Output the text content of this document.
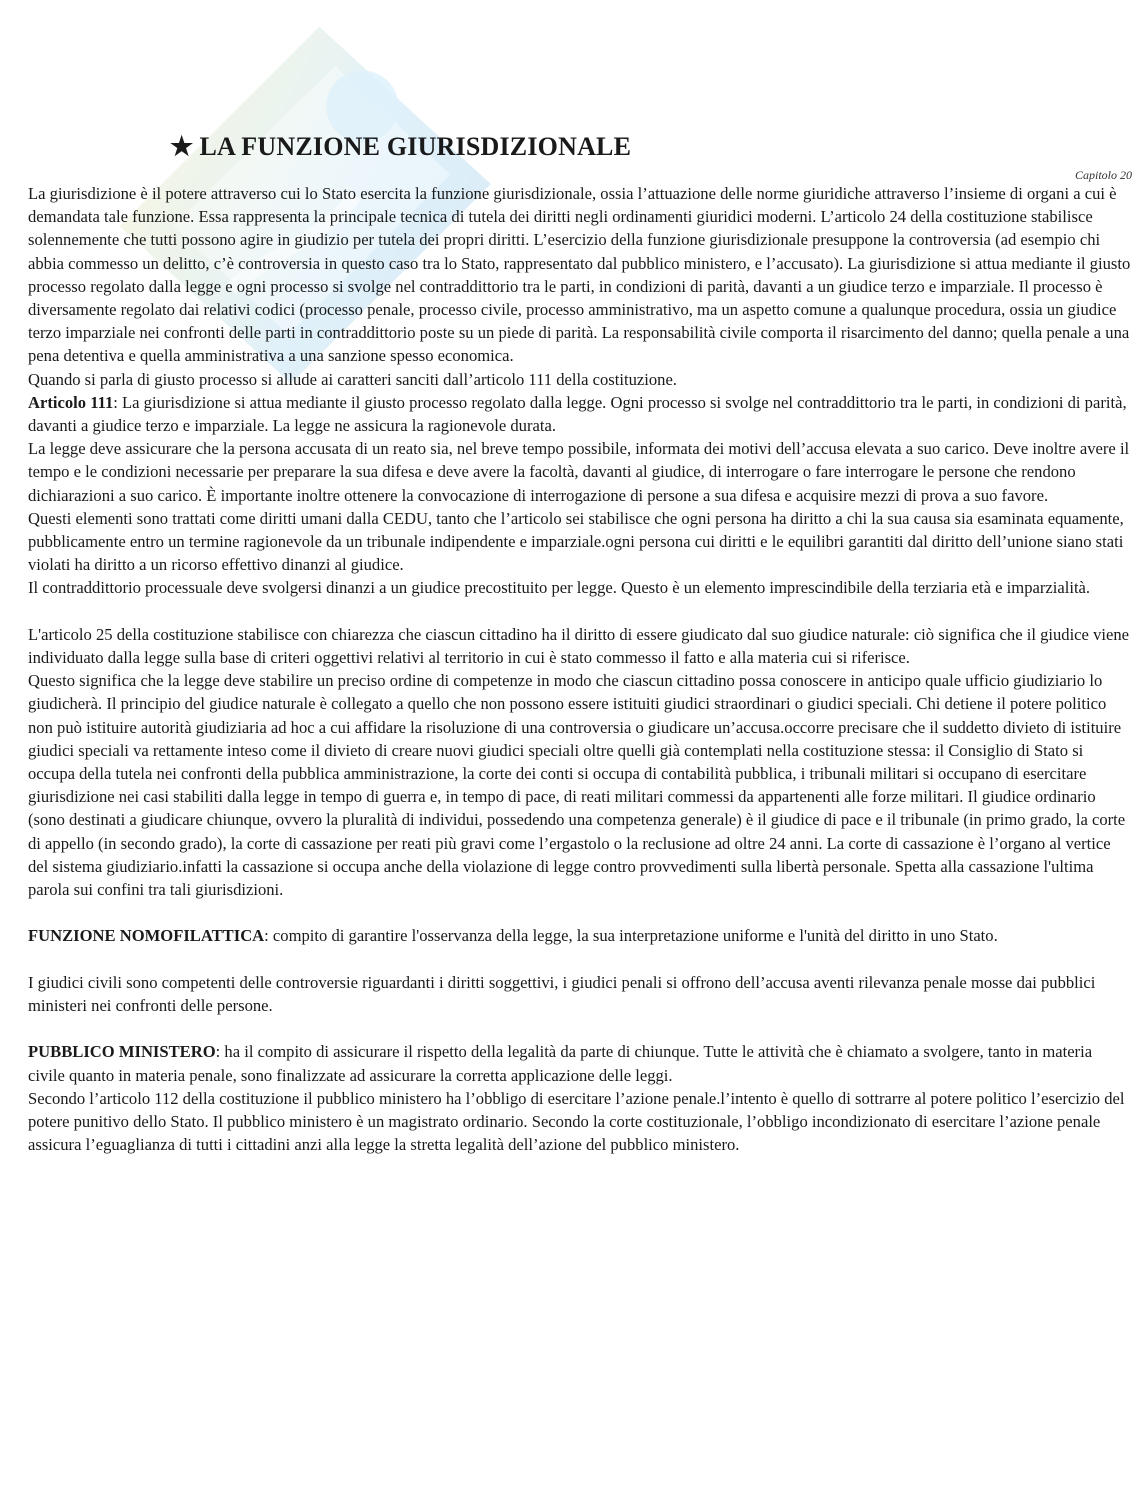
★ LA FUNZIONE GIURISDIZIONALE
Capitolo 20

La giurisdizione è il potere attraverso cui lo Stato esercita la funzione giurisdizionale, ossia l’attuazione delle norme giuridiche attraverso l’insieme di organi a cui è demandata tale funzione. Essa rappresenta la principale tecnica di tutela dei diritti negli ordinamenti giuridici moderni. L’articolo 24 della costituzione stabilisce solennemente che tutti possono agire in giudizio per tutela dei propri diritti. L’esercizio della funzione giurisdizionale presuppone la controversia (ad esempio chi abbia commesso un delitto, c’è controversia in questo caso tra lo Stato, rappresentato dal pubblico ministero, e l’accusato). La giurisdizione si attua mediante il giusto processo regolato dalla legge e ogni processo si svolge nel contraddittorio tra le parti, in condizioni di parità, davanti a un giudice terzo e imparziale. Il processo è diversamente regolato dai relativi codici (processo penale, processo civile, processo amministrativo, ma un aspetto comune a qualunque procedura, ossia un giudice terzo imparziale nei confronti delle parti in contraddittorio poste su un piede di parità. La responsabilità civile comporta il risarcimento del danno; quella penale a una pena detentiva e quella amministrativa a una sanzione spesso economica.

Quando si parla di giusto processo si allude ai caratteri sanciti dall’articolo 111 della costituzione.

Articolo 111: La giurisdizione si attua mediante il giusto processo regolato dalla legge. Ogni processo si svolge nel contraddittorio tra le parti, in condizioni di parità, davanti a giudice terzo e imparziale. La legge ne assicura la ragionevole durata.

La legge deve assicurare che la persona accusata di un reato sia, nel breve tempo possibile, informata dei motivi dell’accusa elevata a suo carico. Deve inoltre avere il tempo e le condizioni necessarie per preparare la sua difesa e deve avere la facoltà, davanti al giudice, di interrogare o fare interrogare le persone che rendono dichiarazioni a suo carico. È importante inoltre ottenere la convocazione di interrogazione di persone a sua difesa e acquisire mezzi di prova a suo favore.

Questi elementi sono trattati come diritti umani dalla CEDU, tanto che l’articolo sei stabilisce che ogni persona ha diritto a chi la sua causa sia esaminata equamente, pubblicamente entro un termine ragionevole da un tribunale indipendente e imparziale.ogni persona cui diritti e le equilibri garantiti dal diritto dell’unione siano stati violati ha diritto a un ricorso effettivo dinanzi al giudice.

Il contraddittorio processuale deve svolgersi dinanzi a un giudice precostituito per legge. Questo è un elemento imprescindibile della terziaria età e imparzialità.

L'articolo 25 della costituzione stabilisce con chiarezza che ciascun cittadino ha il diritto di essere giudicato dal suo giudice naturale: ciò significa che il giudice viene individuato dalla legge sulla base di criteri oggettivi relativi al territorio in cui è stato commesso il fatto e alla materia cui si riferisce.

Questo significa che la legge deve stabilire un preciso ordine di competenze in modo che ciascun cittadino possa conoscere in anticipo quale ufficio giudiziario lo giudicherà. Il principio del giudice naturale è collegato a quello che non possono essere istituiti giudici straordinari o giudici speciali. Chi detiene il potere politico non può istituire autorità giudiziaria ad hoc a cui affidare la risoluzione di una controversia o giudicare un’accusa.occorre precisare che il suddetto divieto di istituire giudici speciali va rettamente inteso come il divieto di creare nuovi giudici speciali oltre quelli già contemplati nella costituzione stessa: il Consiglio di Stato si occupa della tutela nei confronti della pubblica amministrazione, la corte dei conti si occupa di contabilità pubblica, i tribunali militari si occupano di esercitare giurisdizione nei casi stabiliti dalla legge in tempo di guerra e, in tempo di pace, di reati militari commessi da appartenenti alle forze militari. Il giudice ordinario (sono destinati a giudicare chiunque, ovvero la pluralità di individui, possedendo una competenza generale) è il giudice di pace e il tribunale (in primo grado, la corte di appello (in secondo grado), la corte di cassazione per reati più gravi come l’ergastolo o la reclusione ad oltre 24 anni. La corte di cassazione è l’organo al vertice del sistema giudiziario.infatti la cassazione si occupa anche della violazione di legge contro provvedimenti sulla libertà personale. Spetta alla cassazione l'ultima parola sui confini tra tali giurisdizioni.

FUNZIONE NOMOFILATTICA: compito di garantire l'osservanza della legge, la sua interpretazione uniforme e l'unità del diritto in uno Stato.

I giudici civili sono competenti delle controversie riguardanti i diritti soggettivi, i giudici penali si offrono dell’accusa aventi rilevanza penale mosse dai pubblici ministeri nei confronti delle persone.

PUBBLICO MINISTERO: ha il compito di assicurare il rispetto della legalità da parte di chiunque. Tutte le attività che è chiamato a svolgere, tanto in materia civile quanto in materia penale, sono finalizzate ad assicurare la corretta applicazione delle leggi.

Secondo l’articolo 112 della costituzione il pubblico ministero ha l’obbligo di esercitare l’azione penale.l’intento è quello di sottrarre al potere politico l’esercizio del potere punitivo dello Stato. Il pubblico ministero è un magistrato ordinario. Secondo la corte costituzionale, l’obbligo incondizionato di esercitare l’azione penale assicura l’eguaglianza di tutti i cittadini anzi alla legge la stretta legalità dell’azione del pubblico ministero.
